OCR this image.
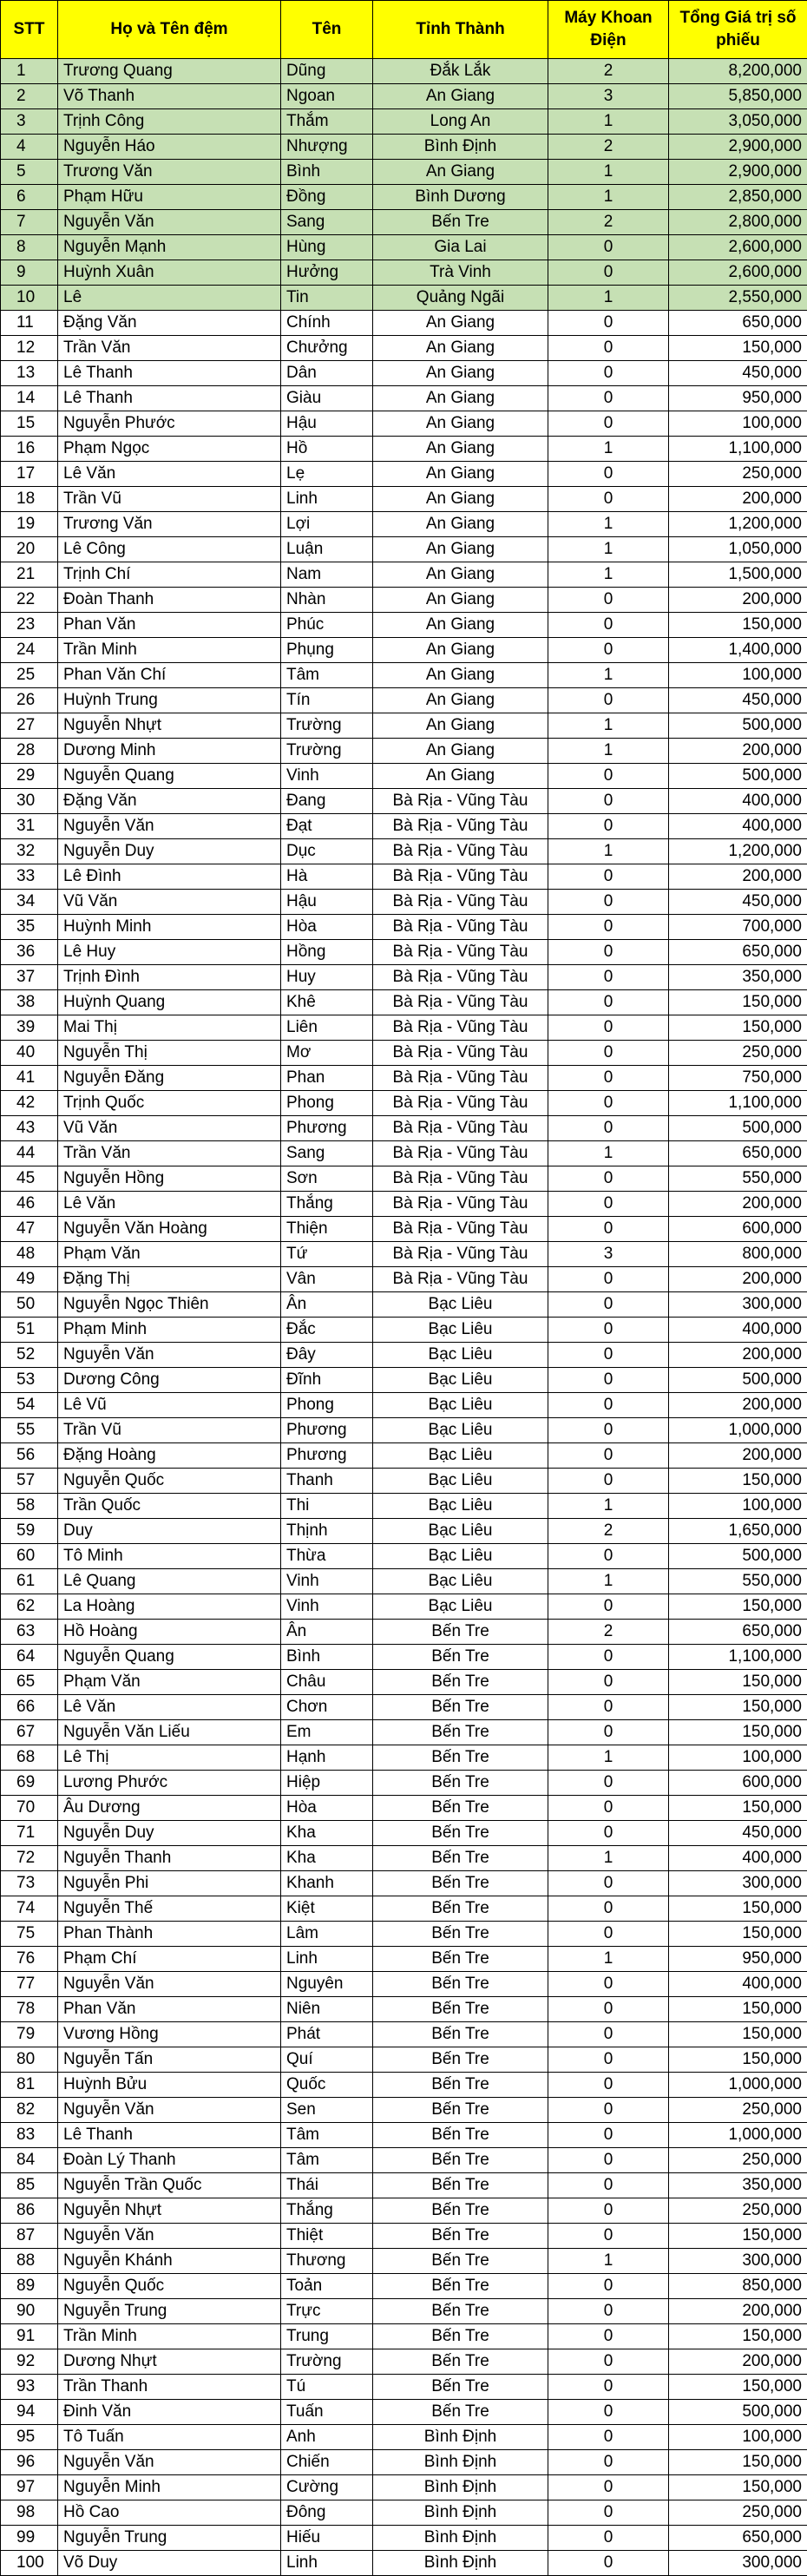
STT	Họ và Tên đệm	Tên	Tỉnh Thành	Máy Khoan Điện	Tổng Giá trị số phiếu
1	Trương Quang	Dũng	Đắk Lắk	2	8,200,000
2	Võ Thanh	Ngoan	An Giang	3	5,850,000
3	Trịnh Công	Thắm	Long An	1	3,050,000
4	Nguyễn Háo	Nhượng	Bình Định	2	2,900,000
5	Trương Văn	Bình	An Giang	1	2,900,000
6	Phạm Hữu	Đồng	Bình Dương	1	2,850,000
7	Nguyễn Văn	Sang	Bến Tre	2	2,800,000
8	Nguyễn Mạnh	Hùng	Gia Lai	0	2,600,000
9	Huỳnh Xuân	Hưởng	Trà Vinh	0	2,600,000
10	Lê	Tin	Quảng Ngãi	1	2,550,000
11	Đặng Văn	Chính	An Giang	0	650,000
12	Trần Văn	Chưởng	An Giang	0	150,000
13	Lê Thanh	Dân	An Giang	0	450,000
14	Lê Thanh	Giàu	An Giang	0	950,000
15	Nguyễn Phước	Hậu	An Giang	0	100,000
16	Phạm Ngọc	Hồ	An Giang	1	1,100,000
17	Lê Văn	Lẹ	An Giang	0	250,000
18	Trần Vũ	Linh	An Giang	0	200,000
19	Trương Văn	Lợi	An Giang	1	1,200,000
20	Lê Công	Luận	An Giang	1	1,050,000
21	Trịnh Chí	Nam	An Giang	1	1,500,000
22	Đoàn Thanh	Nhàn	An Giang	0	200,000
23	Phan Văn	Phúc	An Giang	0	150,000
24	Trần Minh	Phụng	An Giang	0	1,400,000
25	Phan Văn Chí	Tâm	An Giang	1	100,000
26	Huỳnh Trung	Tín	An Giang	0	450,000
27	Nguyễn Nhựt	Trường	An Giang	1	500,000
28	Dương Minh	Trường	An Giang	1	200,000
29	Nguyễn Quang	Vinh	An Giang	0	500,000
30	Đặng Văn	Đang	Bà Rịa - Vũng Tàu	0	400,000
31	Nguyễn Văn	Đạt	Bà Rịa - Vũng Tàu	0	400,000
32	Nguyễn Duy	Dục	Bà Rịa - Vũng Tàu	1	1,200,000
33	Lê Đình	Hà	Bà Rịa - Vũng Tàu	0	200,000
34	Vũ Văn	Hậu	Bà Rịa - Vũng Tàu	0	450,000
35	Huỳnh Minh	Hòa	Bà Rịa - Vũng Tàu	0	700,000
36	Lê Huy	Hồng	Bà Rịa - Vũng Tàu	0	650,000
37	Trịnh Đình	Huy	Bà Rịa - Vũng Tàu	0	350,000
38	Huỳnh Quang	Khê	Bà Rịa - Vũng Tàu	0	150,000
39	Mai Thị	Liên	Bà Rịa - Vũng Tàu	0	150,000
40	Nguyễn Thị	Mơ	Bà Rịa - Vũng Tàu	0	250,000
41	Nguyễn Đăng	Phan	Bà Rịa - Vũng Tàu	0	750,000
42	Trịnh Quốc	Phong	Bà Rịa - Vũng Tàu	0	1,100,000
43	Vũ Văn	Phương	Bà Rịa - Vũng Tàu	0	500,000
44	Trần Văn	Sang	Bà Rịa - Vũng Tàu	1	650,000
45	Nguyễn Hồng	Sơn	Bà Rịa - Vũng Tàu	0	550,000
46	Lê Văn	Thắng	Bà Rịa - Vũng Tàu	0	200,000
47	Nguyễn Văn Hoàng	Thiện	Bà Rịa - Vũng Tàu	0	600,000
48	Phạm Văn	Tứ	Bà Rịa - Vũng Tàu	3	800,000
49	Đặng Thị	Vân	Bà Rịa - Vũng Tàu	0	200,000
50	Nguyễn Ngọc Thiên	Ân	Bạc Liêu	0	300,000
51	Phạm Minh	Đắc	Bạc Liêu	0	400,000
52	Nguyễn Văn	Đây	Bạc Liêu	0	200,000
53	Dương Công	Đĩnh	Bạc Liêu	0	500,000
54	Lê Vũ	Phong	Bạc Liêu	0	200,000
55	Trần Vũ	Phương	Bạc Liêu	0	1,000,000
56	Đặng Hoàng	Phương	Bạc Liêu	0	200,000
57	Nguyễn Quốc	Thanh	Bạc Liêu	0	150,000
58	Trần Quốc	Thi	Bạc Liêu	1	100,000
59	Duy	Thịnh	Bạc Liêu	2	1,650,000
60	Tô Minh	Thừa	Bạc Liêu	0	500,000
61	Lê Quang	Vinh	Bạc Liêu	1	550,000
62	La Hoàng	Vinh	Bạc Liêu	0	150,000
63	Hồ Hoàng	Ân	Bến Tre	2	650,000
64	Nguyễn Quang	Bình	Bến Tre	0	1,100,000
65	Phạm Văn	Châu	Bến Tre	0	150,000
66	Lê Văn	Chơn	Bến Tre	0	150,000
67	Nguyễn Văn Liếu	Em	Bến Tre	0	150,000
68	Lê Thị	Hạnh	Bến Tre	1	100,000
69	Lương Phước	Hiệp	Bến Tre	0	600,000
70	Âu Dương	Hòa	Bến Tre	0	150,000
71	Nguyễn Duy	Kha	Bến Tre	0	450,000
72	Nguyễn Thanh	Kha	Bến Tre	1	400,000
73	Nguyễn Phi	Khanh	Bến Tre	0	300,000
74	Nguyễn Thế	Kiệt	Bến Tre	0	150,000
75	Phan Thành	Lâm	Bến Tre	0	150,000
76	Phạm Chí	Linh	Bến Tre	1	950,000
77	Nguyễn Văn	Nguyên	Bến Tre	0	400,000
78	Phan Văn	Niên	Bến Tre	0	150,000
79	Vương Hồng	Phát	Bến Tre	0	150,000
80	Nguyễn Tấn	Quí	Bến Tre	0	150,000
81	Huỳnh Bửu	Quốc	Bến Tre	0	1,000,000
82	Nguyễn Văn	Sen	Bến Tre	0	250,000
83	Lê Thanh	Tâm	Bến Tre	0	1,000,000
84	Đoàn Lý Thanh	Tâm	Bến Tre	0	250,000
85	Nguyễn Trần Quốc	Thái	Bến Tre	0	350,000
86	Nguyễn Nhựt	Thắng	Bến Tre	0	250,000
87	Nguyễn Văn	Thiệt	Bến Tre	0	150,000
88	Nguyễn Khánh	Thương	Bến Tre	1	300,000
89	Nguyễn Quốc	Toản	Bến Tre	0	850,000
90	Nguyễn Trung	Trực	Bến Tre	0	200,000
91	Trần Minh	Trung	Bến Tre	0	150,000
92	Dương Nhựt	Trường	Bến Tre	0	200,000
93	Trần Thanh	Tú	Bến Tre	0	150,000
94	Đinh Văn	Tuấn	Bến Tre	0	500,000
95	Tô Tuấn	Anh	Bình Định	0	100,000
96	Nguyễn Văn	Chiến	Bình Định	0	150,000
97	Nguyễn Minh	Cường	Bình Định	0	150,000
98	Hồ Cao	Đông	Bình Định	0	250,000
99	Nguyễn Trung	Hiếu	Bình Định	0	650,000
100	Võ Duy	Linh	Bình Định	0	300,000
